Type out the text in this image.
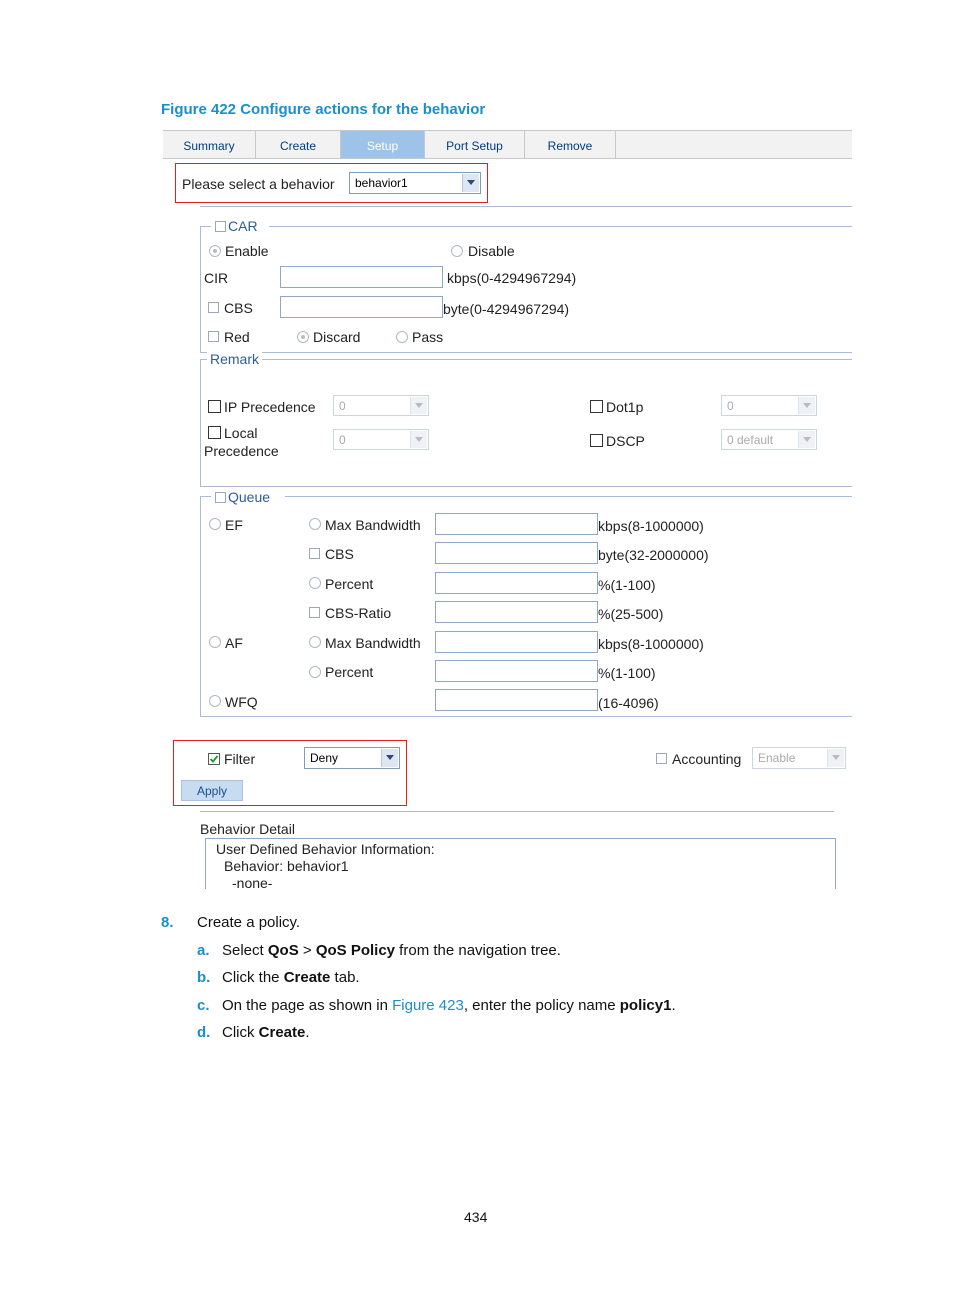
Figure 422 Configure actions for the behavior
Summary	Create	Setup	Port Setup	Remove
Please select a behavior	behavior1
CAR
Enable	Disable
CIR	kbps(0-4294967294)
CBS	byte(0-4294967294)
Red	Discard	Pass
Remark
IP Precedence	0	Dot1p	0
Local
Precedence
0	DSCP	0 default
Queue
EF	Max Bandwidth	kbps(8-1000000)
CBS	byte(32-2000000)
Percent	%(1-100)
CBS-Ratio	%(25-500)
AF	Max Bandwidth	kbps(8-1000000)
Percent	%(1-100)
WFQ	(16-4096)
Filter	Deny
Apply
Accounting	Enable
Behavior Detail
User Defined Behavior Information:
Behavior: behavior1
-none-
8. Create a policy.
a. Select QoS > QoS Policy from the navigation tree.
b. Click the Create tab.
c. On the page as shown in Figure 423, enter the policy name policy1.
d. Click Create.
434
